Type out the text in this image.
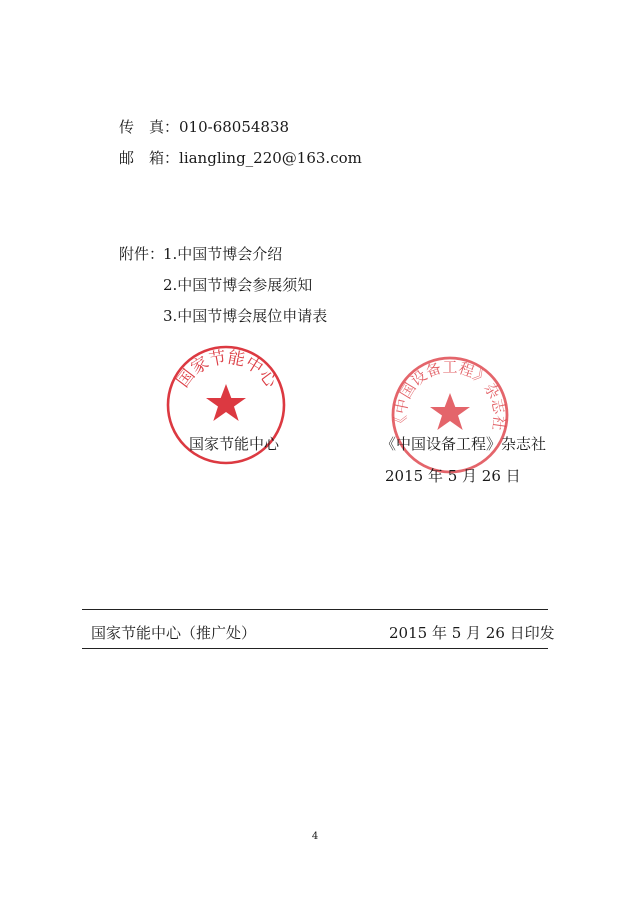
传　真：010-68054838
邮　箱：liangling_220@163.com
附件：
1.中国节博会介绍
2.中国节博会参展须知
3.中国节博会展位申请表
国家节能中心
《中国设备工程》杂志社
国家节能中心	《中国设备工程》杂志社
2015 年 5 月 26 日
国家节能中心（推广处）	2015 年 5 月 26 日印发
4
